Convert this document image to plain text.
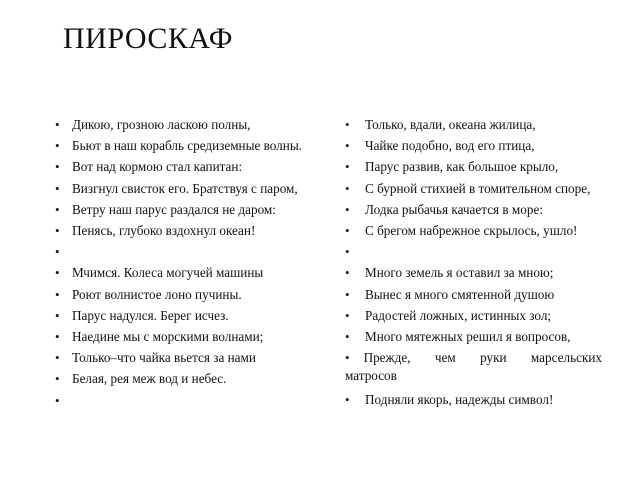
ПИРОСКАФ
• Дикою, грозною ласкою полны,
• Бьют в наш корабль средиземные волны.
• Вот над кормою стал капитан:
• Визгнул свисток его. Братствуя с паром,
• Ветру наш парус раздался не даром:
• Пенясь, глубоко вздохнул океан!
•
• Мчимся. Колеса могучей машины
• Роют волнистое лоно пучины.
• Парус надулся. Берег исчез.
• Наедине мы с морскими волнами;
• Только–что чайка вьется за нами
• Белая, рея меж вод и небес.
•
• Только, вдали, океана жилица,
• Чайке подобно, вод его птица,
• Парус развив, как большое крыло,
• С бурной стихией в томительном споре,
• Лодка рыбачья качается в море:
• С брегом набрежное скрылось, ушло!
•
• Много земель я оставил за мною;
• Вынес я много смятенной душою
• Радостей ложных, истинных зол;
• Много мятежных решил я вопросов,
• Прежде, чем руки марсельских
матросов
• Подняли якорь, надежды символ!
